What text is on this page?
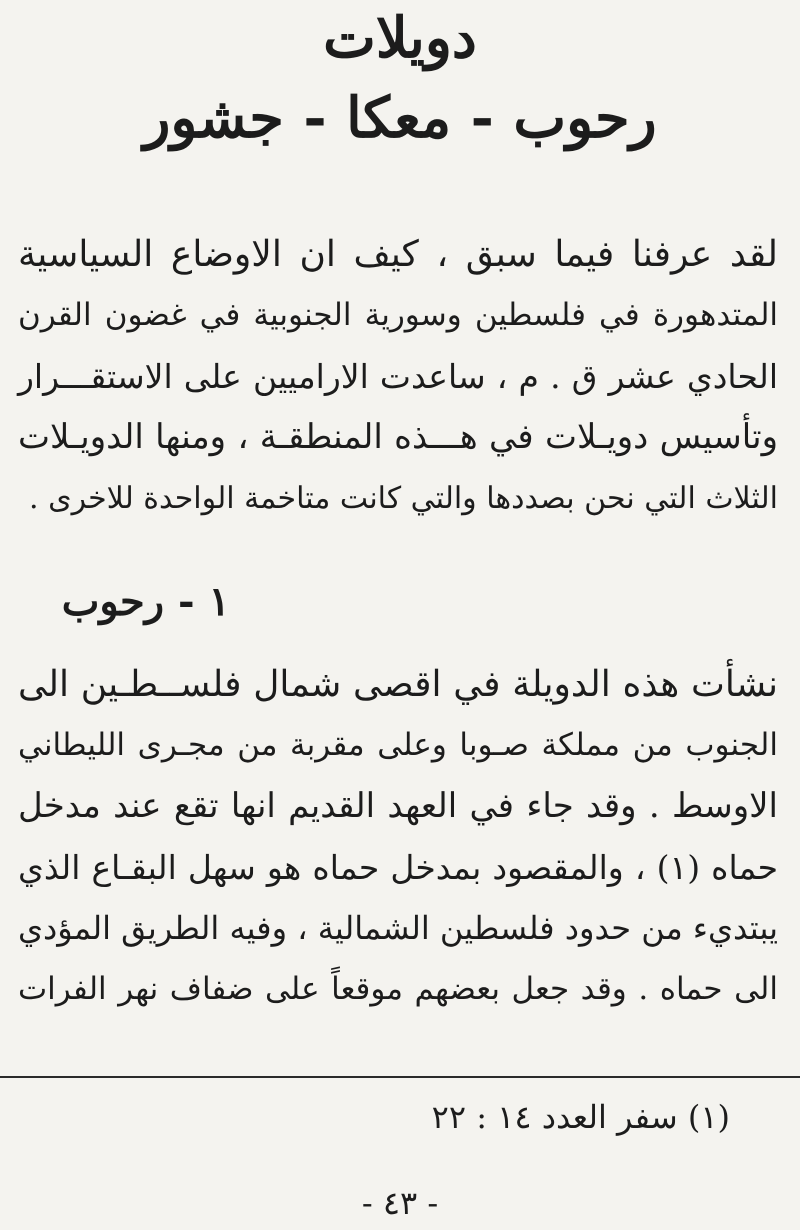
دويلات
رحوب - معكا - جشور
لقد عرفنا فيما سبق ، كيف ان الاوضاع السياسية
المتدهورة في فلسطين وسورية الجنوبية في غضون القرن
الحادي عشر ق . م ، ساعدت الاراميين على الاستقـــرار
وتأسيس دويـلات في هـــذه المنطقـة ، ومنها الدويـلات
الثلاث التي نحن بصددها والتي كانت متاخمة الواحدة للاخرى .
١ - رحوب
نشأت هذه الدويلة في اقصى شمال فلســطـين الى
الجنوب من مملكة صـوبا وعلى مقربة من مجـرى الليطاني
الاوسط . وقد جاء في العهد القديم انها تقع عند مدخل
حماه (١) ، والمقصود بمدخل حماه هو سهل البقـاع الذي
يبتديء من حدود فلسطين الشمالية ، وفيه الطريق المؤدي
الى حماه . وقد جعل بعضهم موقعاً على ضفاف نهر الفرات
(١) سفر العدد ١٤ : ٢٢
- ٤٣ -
